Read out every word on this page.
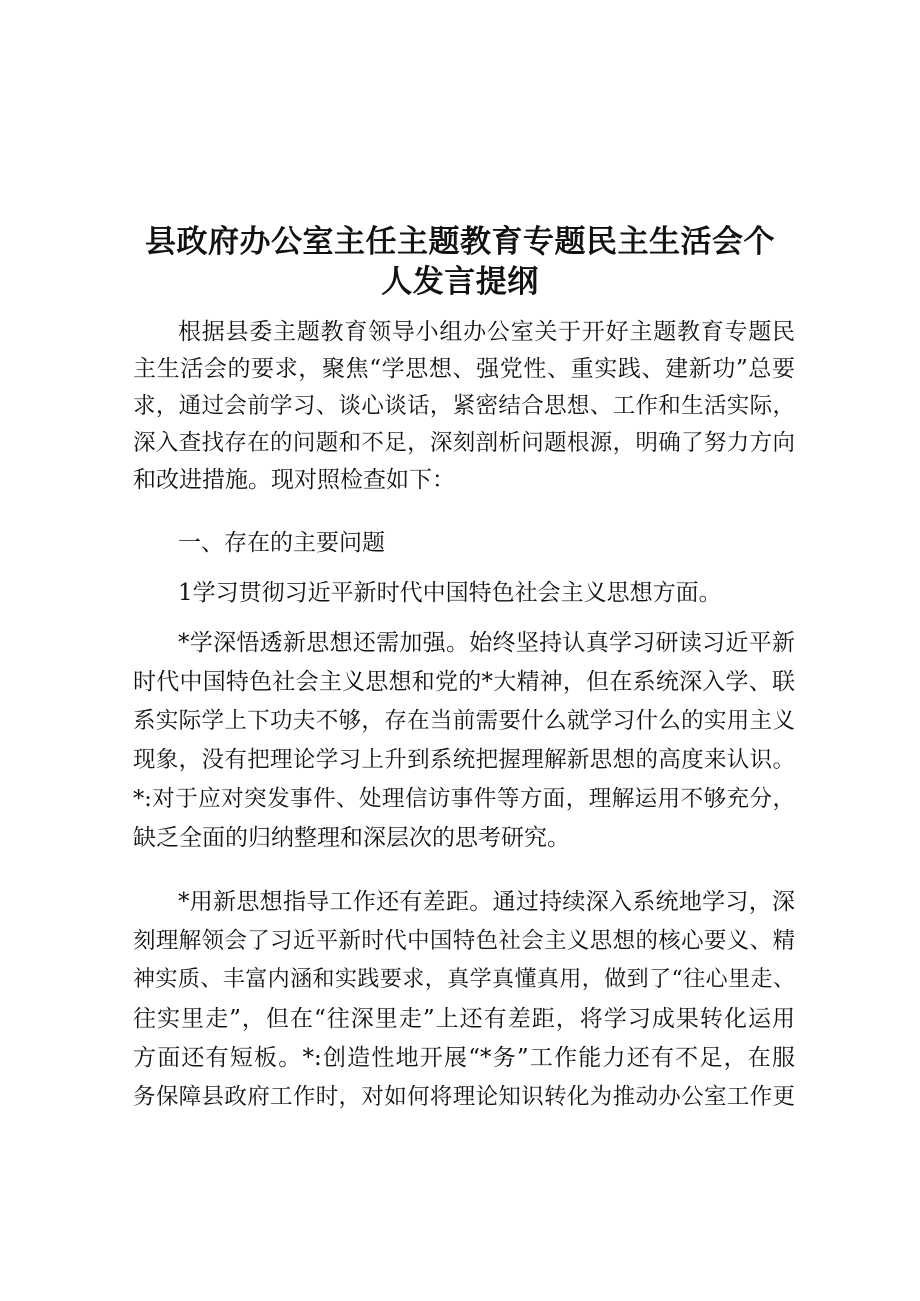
县政府办公室主任主题教育专题民主生活会个
人发言提纲
根据县委主题教育领导小组办公室关于开好主题教育专题民
主生活会的要求，聚焦“学思想、强党性、重实践、建新功”总要
求，通过会前学习、谈心谈话，紧密结合思想、工作和生活实际，
深入查找存在的问题和不足，深刻剖析问题根源，明确了努力方向
和改进措施。现对照检查如下：
一、存在的主要问题
1学习贯彻习近平新时代中国特色社会主义思想方面。
*学深悟透新思想还需加强。始终坚持认真学习研读习近平新
时代中国特色社会主义思想和党的*大精神，但在系统深入学、联
系实际学上下功夫不够，存在当前需要什么就学习什么的实用主义
现象，没有把理论学习上升到系统把握理解新思想的高度来认识。
*:对于应对突发事件、处理信访事件等方面，理解运用不够充分，
缺乏全面的归纳整理和深层次的思考研究。
*用新思想指导工作还有差距。通过持续深入系统地学习，深
刻理解领会了习近平新时代中国特色社会主义思想的核心要义、精
神实质、丰富内涵和实践要求，真学真懂真用，做到了“往心里走、
往实里走”，但在“往深里走”上还有差距，将学习成果转化运用
方面还有短板。*:创造性地开展“*务”工作能力还有不足，在服
务保障县政府工作时，对如何将理论知识转化为推动办公室工作更
